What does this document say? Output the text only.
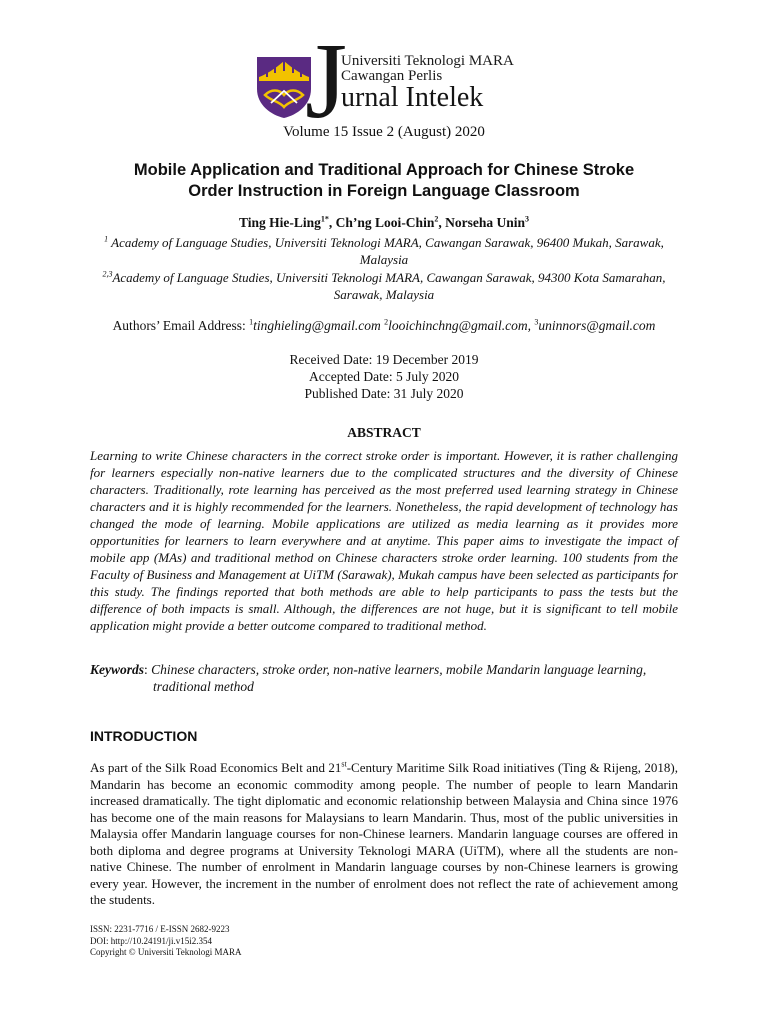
J
Universiti Teknologi MARA
Cawangan Perlis
urnal Intelek
Volume 15 Issue 2 (August) 2020
Mobile Application and Traditional Approach for Chinese Stroke
Order Instruction in Foreign Language Classroom
Ting Hie-Ling$^{1*}$, Ch’ng Looi-Chin$^2$, Norseha Unin$^3$
$^1$ Academy of Language Studies, Universiti Teknologi MARA, Cawangan Sarawak, 96400 Mukah, Sarawak, Malaysia
$^{2,3}$Academy of Language Studies, Universiti Teknologi MARA, Cawangan Sarawak, 94300 Kota Samarahan, Sarawak, Malaysia
Authors’ Email Address: $^1$tinghieling@gmail.com $^2$looichinchng@gmail.com, $^3$uninnors@gmail.com
Received Date: 19 December 2019
Accepted Date: 5 July 2020
Published Date: 31 July 2020
ABSTRACT
Learning to write Chinese characters in the correct stroke order is important. However, it is rather challenging for learners especially non-native learners due to the complicated structures and the diversity of Chinese characters. Traditionally, rote learning has perceived as the most preferred used learning strategy in Chinese characters and it is highly recommended for the learners. Nonetheless, the rapid development of technology has changed the mode of learning. Mobile applications are utilized as media learning as it provides more opportunities for learners to learn everywhere and at anytime. This paper aims to investigate the impact of mobile app (MAs) and traditional method on Chinese characters stroke order learning. 100 students from the Faculty of Business and Management at UiTM (Sarawak), Mukah campus have been selected as participants for this study. The findings reported that both methods are able to help participants to pass the tests but the difference of both impacts is small. Although, the differences are not huge, but it is significant to tell mobile application might provide a better outcome compared to traditional method.
Keywords: Chinese characters, stroke order, non-native learners, mobile Mandarin language learning,
traditional method
INTRODUCTION
As part of the Silk Road Economics Belt and 21st-Century Maritime Silk Road initiatives (Ting & Rijeng, 2018), Mandarin has become an economic commodity among people. The number of people to learn Mandarin increased dramatically. The tight diplomatic and economic relationship between Malaysia and China since 1976 has become one of the main reasons for Malaysians to learn Mandarin. Thus, most of the public universities in Malaysia offer Mandarin language courses for non-Chinese learners. Mandarin language courses are offered in both diploma and degree programs at University Teknologi MARA (UiTM), where all the students are non-native Chinese. The number of enrolment in Mandarin language courses by non-Chinese learners is growing every year. However, the increment in the number of enrolment does not reflect the rate of achievement among the students.
ISSN: 2231-7716 / E-ISSN 2682-9223
DOI: http://10.24191/ji.v15i2.354
Copyright © Universiti Teknologi MARA
